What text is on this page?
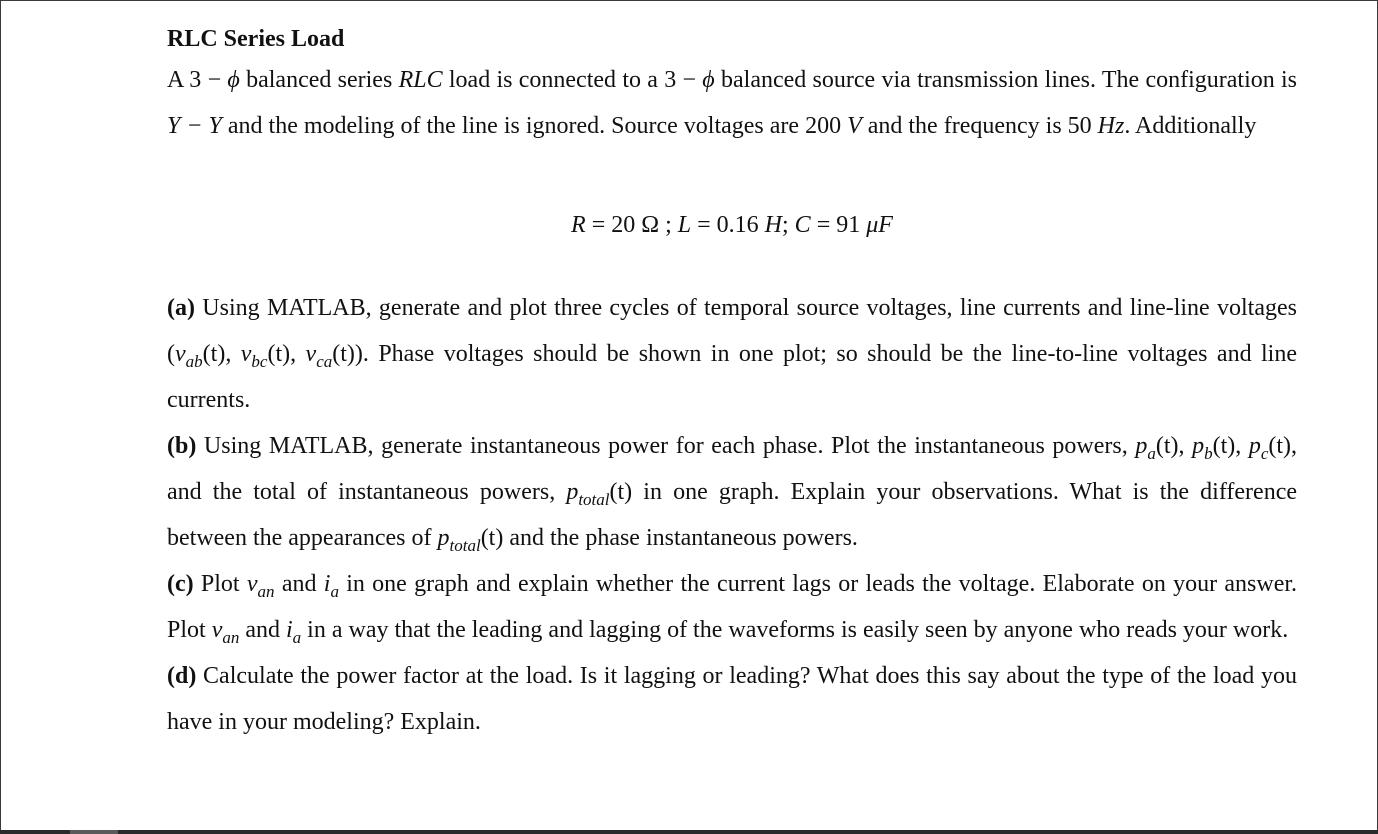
RLC Series Load

A 3 − ϕ balanced series RLC load is connected to a 3 − ϕ balanced source via transmission lines. The configuration is Y − Y and the modeling of the line is ignored. Source voltages are 200 V and the frequency is 50 Hz. Additionally

R = 20 Ω ; L = 0.16 H; C = 91 μF

(a) Using MATLAB, generate and plot three cycles of temporal source voltages, line currents and line-line voltages ($v_{ab}(t)$, $v_{bc}(t)$, $v_{ca}(t)$). Phase voltages should be shown in one plot; so should be the line-to-line voltages and line currents.

(b) Using MATLAB, generate instantaneous power for each phase. Plot the instantaneous powers, $p_a(t)$, $p_b(t)$, $p_c(t)$, and the total of instantaneous powers, $p_{total}(t)$ in one graph. Explain your observations. What is the difference between the appearances of $p_{total}(t)$ and the phase instantaneous powers.

(c) Plot $v_{an}$ and $i_a$ in one graph and explain whether the current lags or leads the voltage. Elaborate on your answer. Plot $v_{an}$ and $i_a$ in a way that the leading and lagging of the waveforms is easily seen by anyone who reads your work.

(d) Calculate the power factor at the load. Is it lagging or leading? What does this say about the type of the load you have in your modeling? Explain.
